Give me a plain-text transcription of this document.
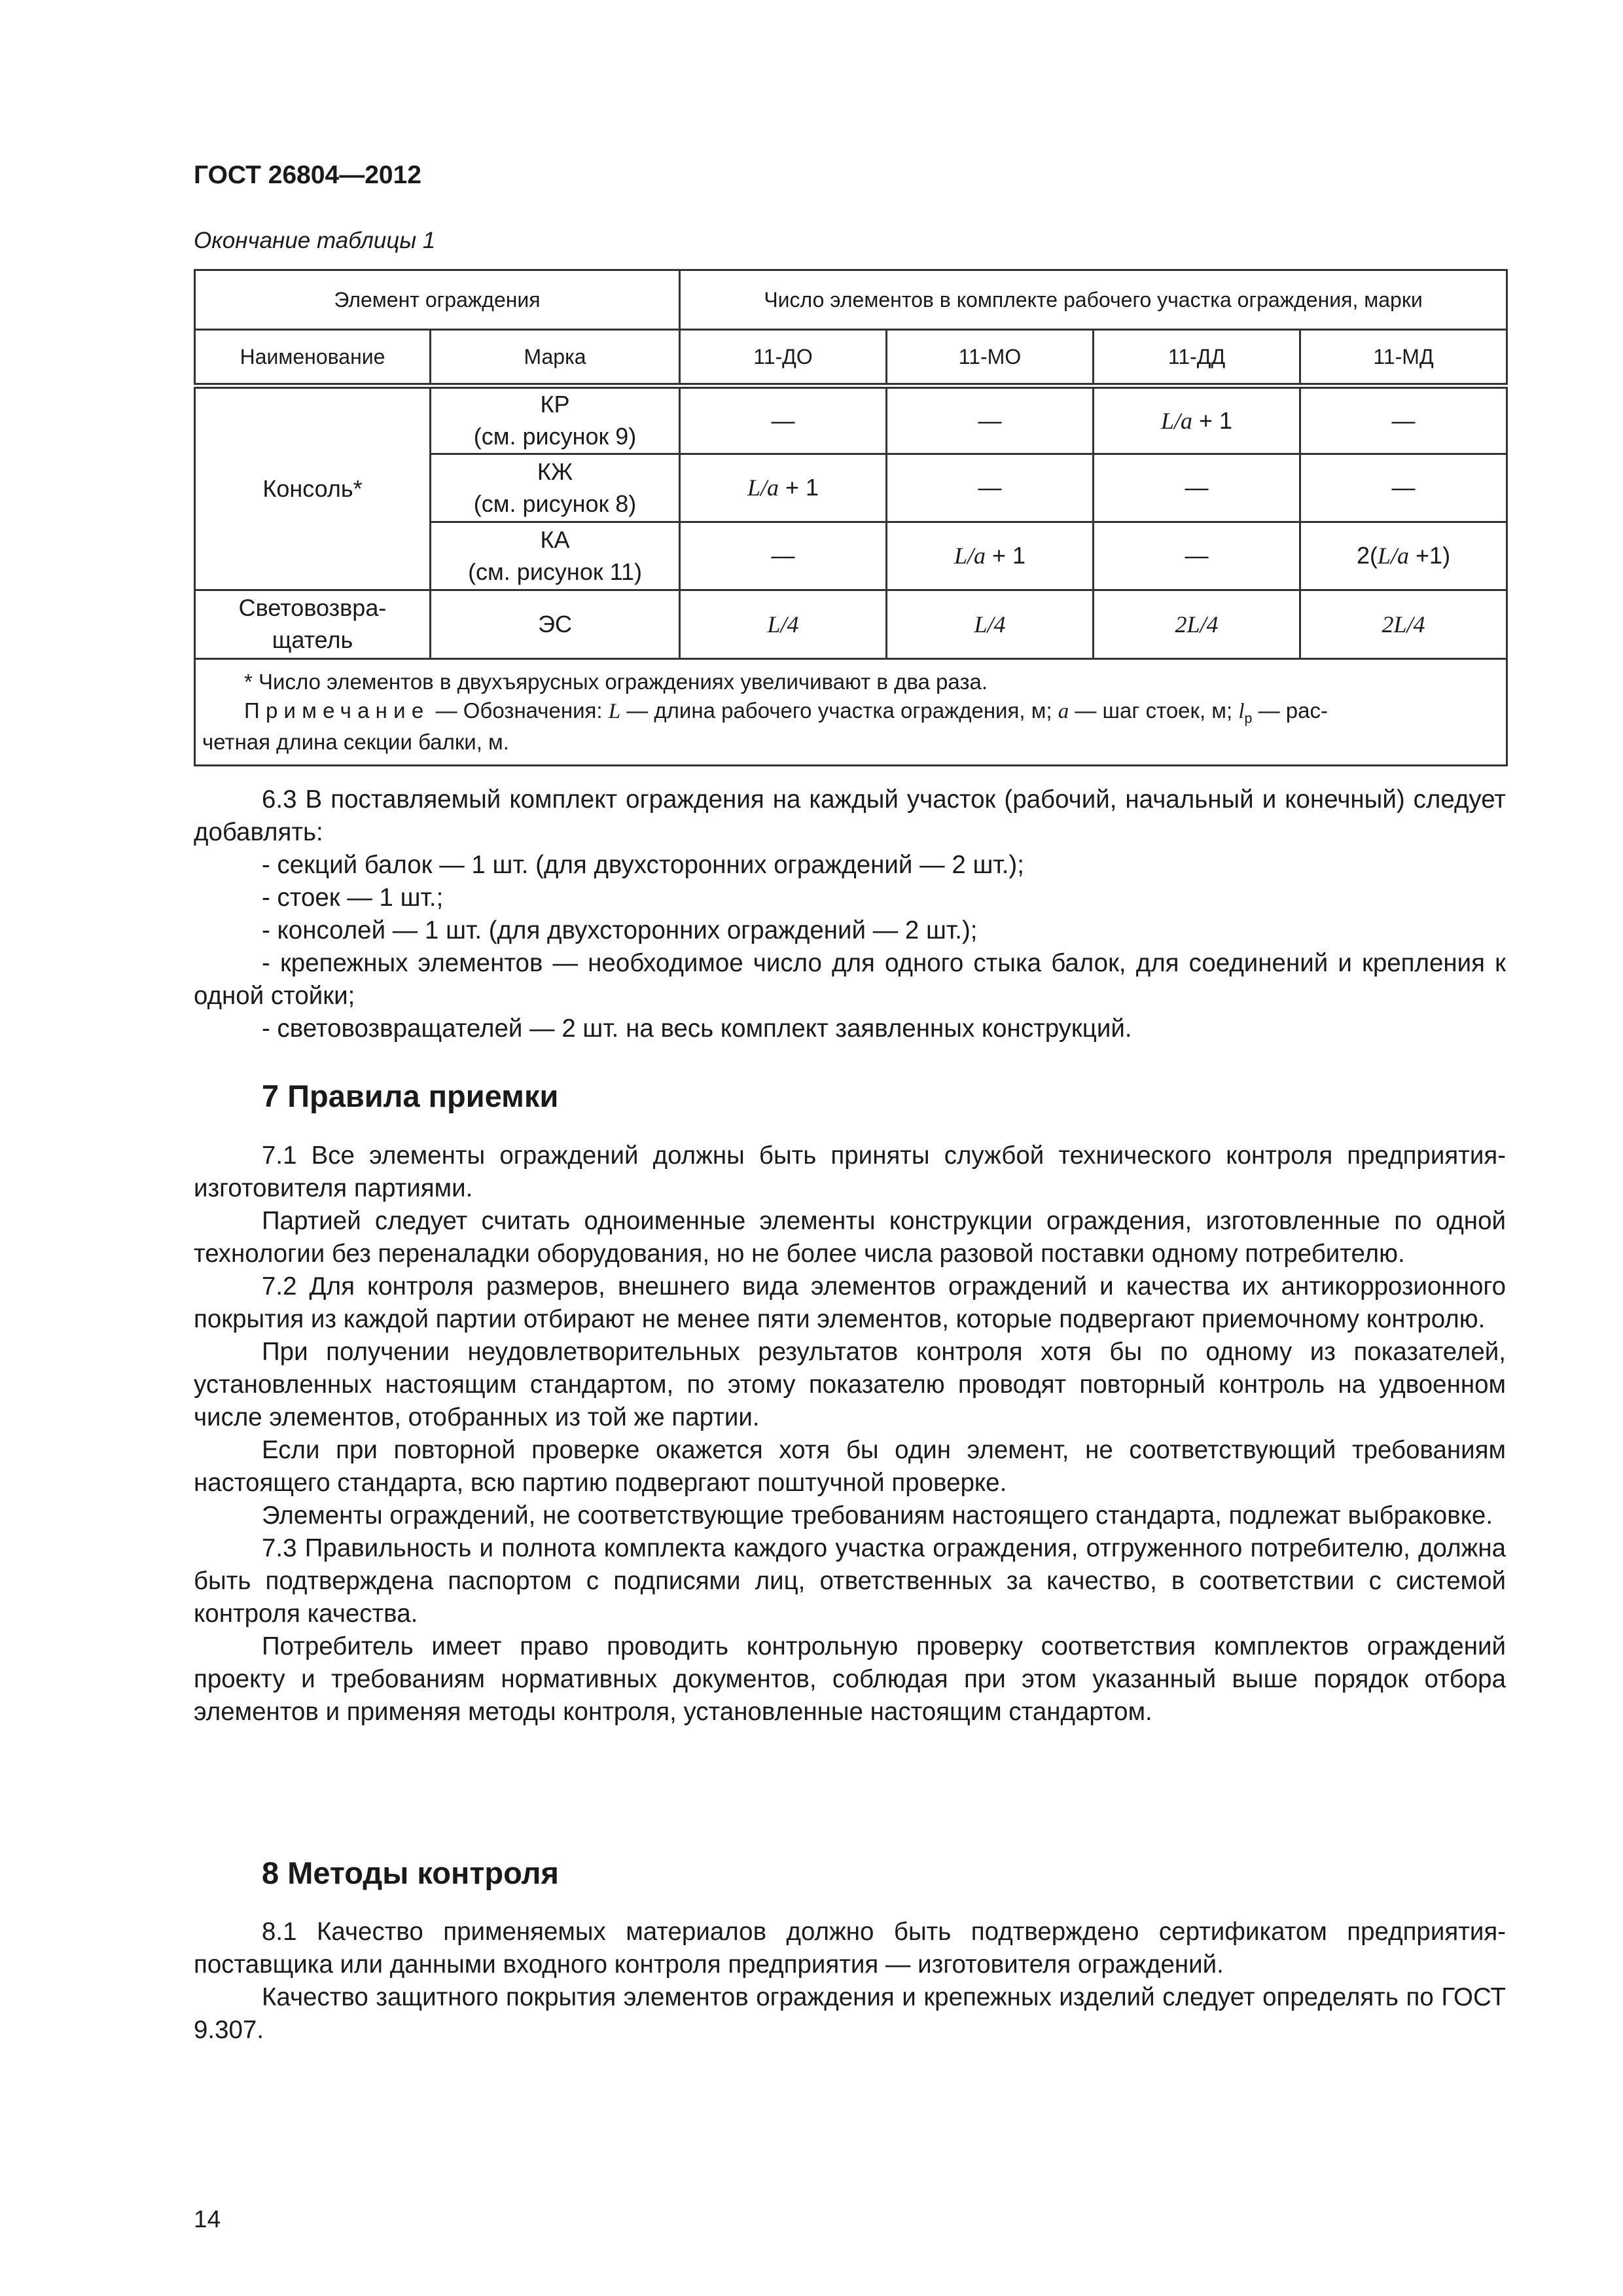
ГОСТ 26804—2012

Окончание таблицы 1

Элемент ограждения		Число элементов в комплекте рабочего участка ограждения, марки			
Наименование	Марка	11-ДО	11-МО	11-ДД	11-МД
Консоль*	КР
(см. рисунок 9)	—	—	L/a + 1	—

	КЖ
(см. рисунок 8)	L/a + 1	—	—	—

	КА
(см. рисунок 11)	—	L/a + 1	—	2(L/a +1)

Световозвра-
щатель	ЭС	L/4	L/4	2L/4	2L/4

* Число элементов в двухъярусных ограждениях увеличивают в два раза.

Примечание — Обозначения: L — длина рабочего участка ограждения, м; a — шаг стоек, м; $l_p$ — рас-

четная длина секции балки, м.					

6.3 В поставляемый комплект ограждения на каждый участок (рабочий, начальный и конечный) следует добавлять:

- секций балок — 1 шт. (для двухсторонних ограждений — 2 шт.);

- стоек — 1 шт.;

- консолей — 1 шт. (для двухсторонних ограждений — 2 шт.);

- крепежных элементов — необходимое число для одного стыка балок, для соединений и крепления к одной стойки;

- световозвращателей — 2 шт. на весь комплект заявленных конструкций.

7 Правила приемки

7.1 Все элементы ограждений должны быть приняты службой технического контроля предприятия-изготовителя партиями.

Партией следует считать одноименные элементы конструкции ограждения, изготовленные по одной технологии без переналадки оборудования, но не более числа разовой поставки одному потребителю.

7.2 Для контроля размеров, внешнего вида элементов ограждений и качества их антикоррозионного покрытия из каждой партии отбирают не менее пяти элементов, которые подвергают приемочному контролю.

При получении неудовлетворительных результатов контроля хотя бы по одному из показателей, установленных настоящим стандартом, по этому показателю проводят повторный контроль на удвоенном числе элементов, отобранных из той же партии.

Если при повторной проверке окажется хотя бы один элемент, не соответствующий требованиям настоящего стандарта, всю партию подвергают поштучной проверке.

Элементы ограждений, не соответствующие требованиям настоящего стандарта, подлежат выбраковке.

7.3 Правильность и полнота комплекта каждого участка ограждения, отгруженного потребителю, должна быть подтверждена паспортом с подписями лиц, ответственных за качество, в соответствии с системой контроля качества.

Потребитель имеет право проводить контрольную проверку соответствия комплектов ограждений проекту и требованиям нормативных документов, соблюдая при этом указанный выше порядок отбора элементов и применяя методы контроля, установленные настоящим стандартом.

8 Методы контроля

8.1 Качество применяемых материалов должно быть подтверждено сертификатом предприятия-поставщика или данными входного контроля предприятия — изготовителя ограждений.

Качество защитного покрытия элементов ограждения и крепежных изделий следует определять по ГОСТ 9.307.

14
